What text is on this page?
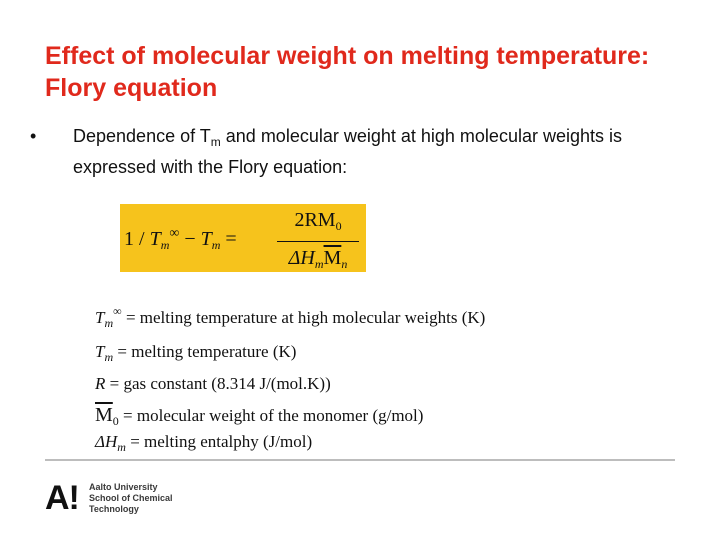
Effect of molecular weight on melting temperature: Flory equation
• Dependence of $T_m$ and molecular weight at high molecular weights is expressed with the Flory equation:
$1 / T_m^\infty - T_m$ =
$2RM_0$
$\Delta H_m\overline{M}_n$
$T_m^\infty$ = melting temperature at high molecular weights (K)
$T_m$ = melting temperature (K)
R = gas constant (8.314 J/(mol.K))
$\overline{M}_0$ = molecular weight of the monomer (g/mol)
$\Delta H_m$ = melting entalphy (J/mol)
A! Aalto University
School of Chemical
Technology
